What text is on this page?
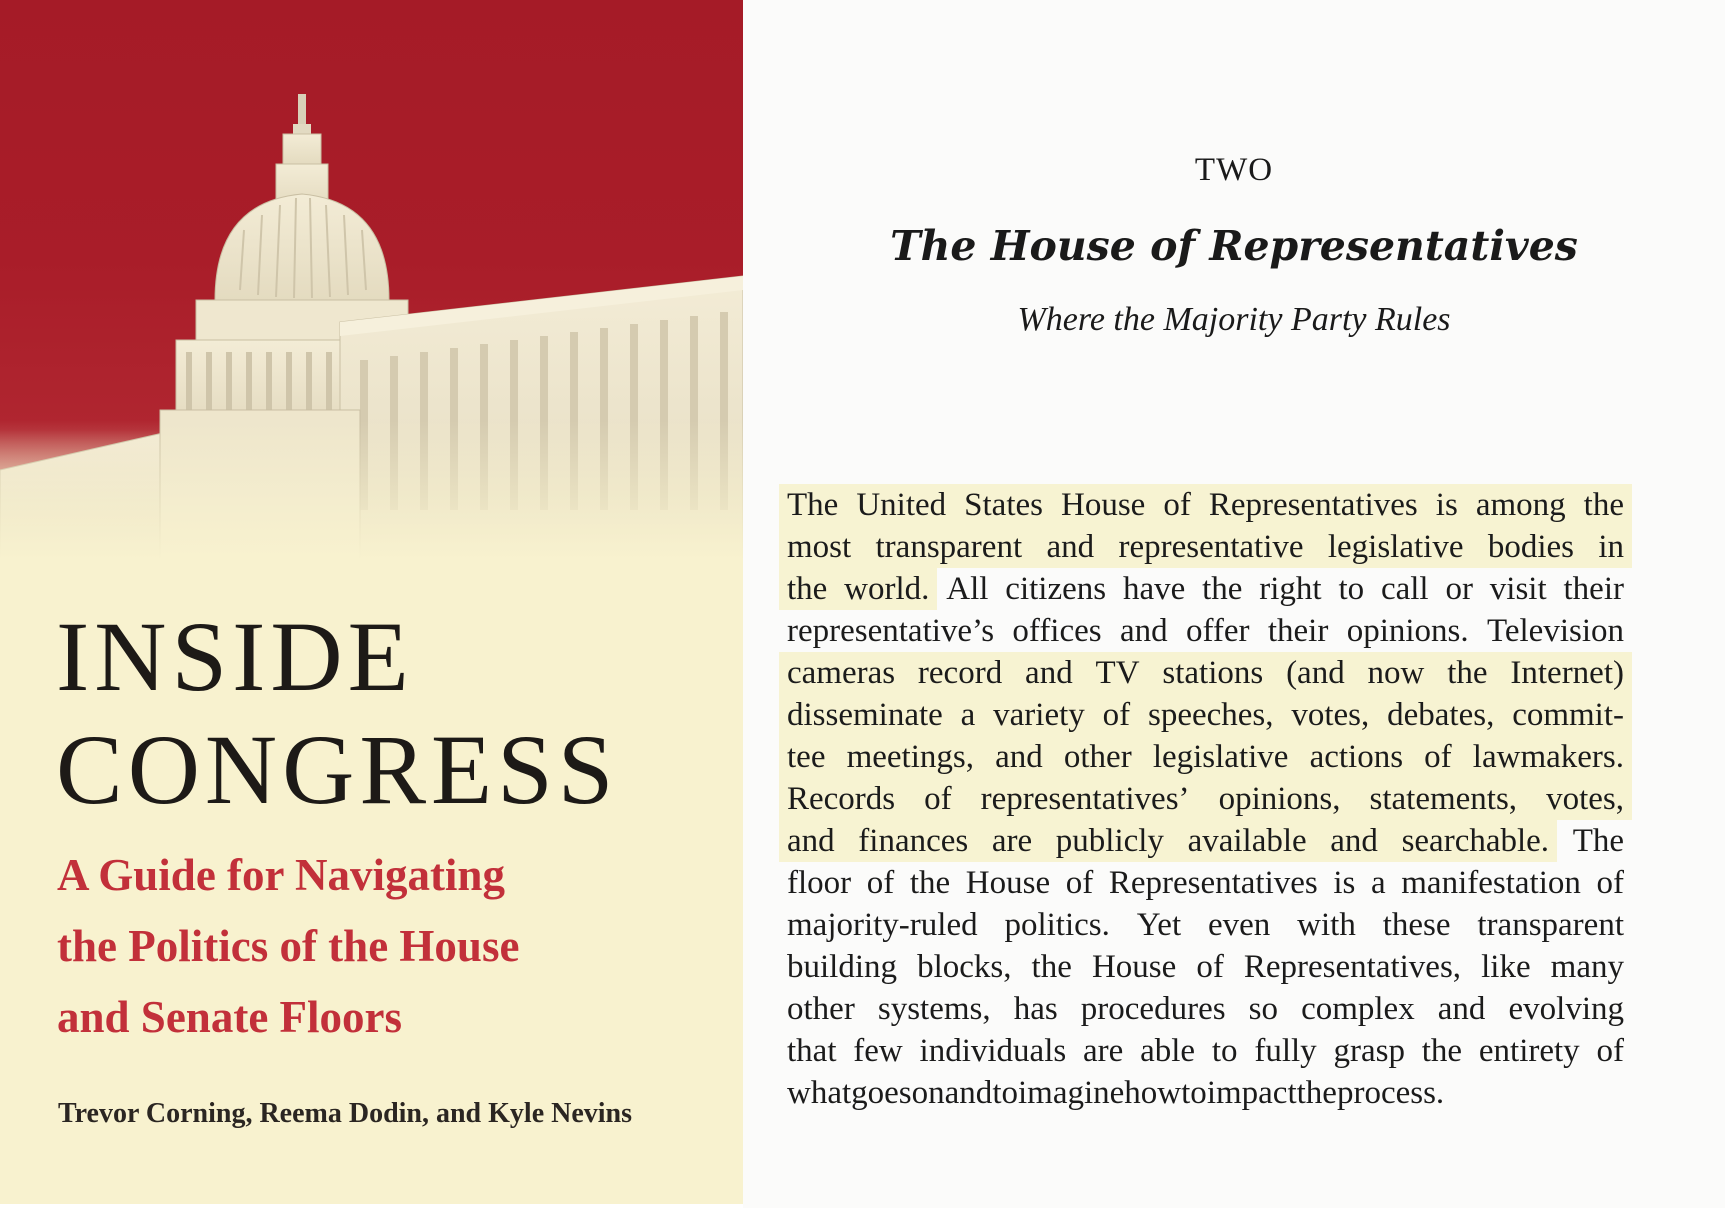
INSIDE
CONGRESS
A Guide for Navigating
the Politics of the House
and Senate Floors
Trevor Corning, Reema Dodin, and Kyle Nevins
TWO
The House of Representatives
Where the Majority Party Rules
The United States House of Representatives is among the
most transparent and representative legislative bodies in
the world. All citizens have the right to call or visit their
representative’s offices and offer their opinions. Television
cameras record and TV stations (and now the Internet)
disseminate a variety of speeches, votes, debates, commit-
tee meetings, and other legislative actions of lawmakers.
Records of representatives’ opinions, statements, votes,
and finances are publicly available and searchable. The
floor of the House of Representatives is a manifestation of
majority-ruled politics. Yet even with these transparent
building blocks, the House of Representatives, like many
other systems, has procedures so complex and evolving
that few individuals are able to fully grasp the entirety of
what goes on and to imagine how to impact the process.
